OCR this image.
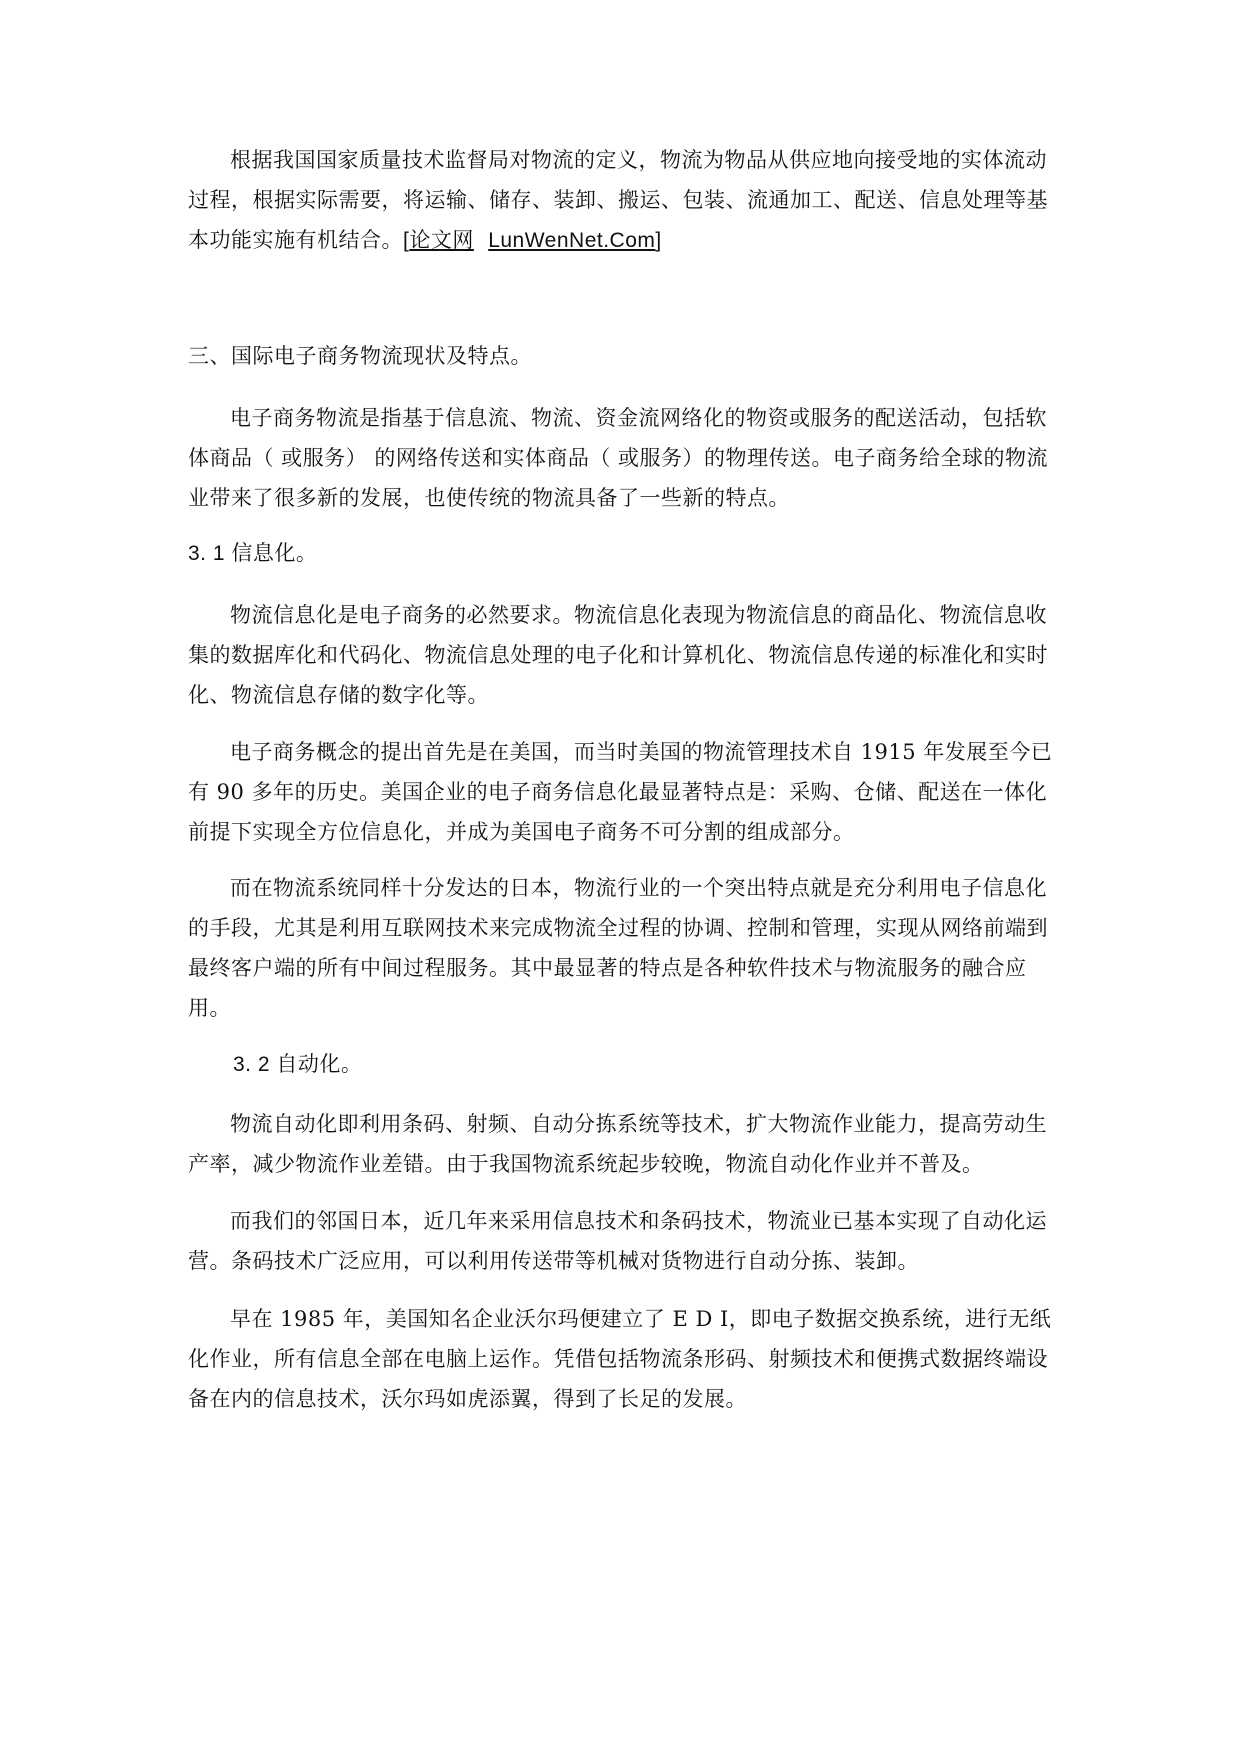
根据我国国家质量技术监督局对物流的定义，物流为物品从供应地向接受地的实体流动过程，根据实际需要，将运输、储存、装卸、搬运、包装、流通加工、配送、信息处理等基本功能实施有机结合。[论文网 LunWenNet.Com]

三、国际电子商务物流现状及特点。

电子商务物流是指基于信息流、物流、资金流网络化的物资或服务的配送活动，包括软体商品（ 或服务） 的网络传送和实体商品（ 或服务）的物理传送。电子商务给全球的物流业带来了很多新的发展，也使传统的物流具备了一些新的特点。

3. 1 信息化。

物流信息化是电子商务的必然要求。物流信息化表现为物流信息的商品化、物流信息收集的数据库化和代码化、物流信息处理的电子化和计算机化、物流信息传递的标准化和实时化、物流信息存储的数字化等。

电子商务概念的提出首先是在美国，而当时美国的物流管理技术自 1915 年发展至今已有 90 多年的历史。美国企业的电子商务信息化最显著特点是：采购、仓储、配送在一体化前提下实现全方位信息化，并成为美国电子商务不可分割的组成部分。

而在物流系统同样十分发达的日本，物流行业的一个突出特点就是充分利用电子信息化的手段，尤其是利用互联网技术来完成物流全过程的协调、控制和管理，实现从网络前端到最终客户端的所有中间过程服务。其中最显著的特点是各种软件技术与物流服务的融合应用。

3. 2 自动化。

物流自动化即利用条码、射频、自动分拣系统等技术，扩大物流作业能力，提高劳动生产率，减少物流作业差错。由于我国物流系统起步较晚，物流自动化作业并不普及。

而我们的邻国日本，近几年来采用信息技术和条码技术，物流业已基本实现了自动化运营。条码技术广泛应用，可以利用传送带等机械对货物进行自动分拣、装卸。

早在 1985 年，美国知名企业沃尔玛便建立了 E D I，即电子数据交换系统，进行无纸化作业，所有信息全部在电脑上运作。凭借包括物流条形码、射频技术和便携式数据终端设备在内的信息技术，沃尔玛如虎添翼，得到了长足的发展。
